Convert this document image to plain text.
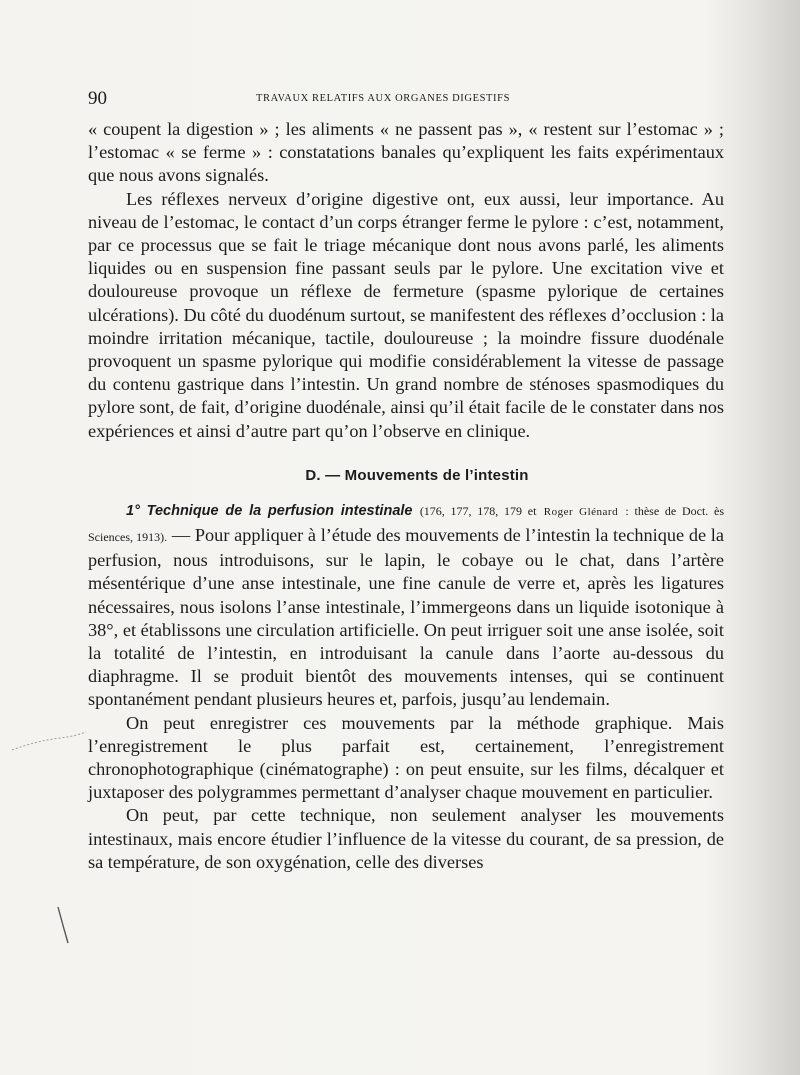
90	TRAVAUX RELATIFS AUX ORGANES DIGESTIFS

« coupent la digestion » ; les aliments « ne passent pas », « restent sur l’estomac » ; l’estomac « se ferme » : constatations banales qu’expliquent les faits expérimentaux que nous avons signalés.

Les réflexes nerveux d’origine digestive ont, eux aussi, leur importance. Au niveau de l’estomac, le contact d’un corps étranger ferme le pylore : c’est, notamment, par ce processus que se fait le triage mécanique dont nous avons parlé, les aliments liquides ou en suspension fine passant seuls par le pylore. Une excitation vive et douloureuse provoque un réflexe de fermeture (spasme pylorique de certaines ulcérations). Du côté du duodénum surtout, se manifestent des réflexes d’occlusion : la moindre irritation mécanique, tactile, douloureuse ; la moindre fissure duodénale provoquent un spasme pylorique qui modifie considérablement la vitesse de passage du contenu gastrique dans l’intestin. Un grand nombre de sténoses spasmodiques du pylore sont, de fait, d’origine duodénale, ainsi qu’il était facile de le constater dans nos expériences et ainsi d’autre part qu’on l’observe en clinique.

D. — Mouvements de l’intestin

1° Technique de la perfusion intestinale (176, 177, 178, 179 et Roger Glénard : thèse de Doct. ès Sciences, 1913). — Pour appliquer à l’étude des mouvements de l’intestin la technique de la perfusion, nous introduisons, sur le lapin, le cobaye ou le chat, dans l’artère mésentérique d’une anse intestinale, une fine canule de verre et, après les ligatures nécessaires, nous isolons l’anse intestinale, l’immergeons dans un liquide isotonique à 38°, et établissons une circulation artificielle. On peut irriguer soit une anse isolée, soit la totalité de l’intestin, en introduisant la canule dans l’aorte au-dessous du diaphragme. Il se produit bientôt des mouvements intenses, qui se continuent spontanément pendant plusieurs heures et, parfois, jusqu’au lendemain.

On peut enregistrer ces mouvements par la méthode graphique. Mais l’enregistrement le plus parfait est, certainement, l’enregistrement chronophotographique (cinématographe) : on peut ensuite, sur les films, décalquer et juxtaposer des polygrammes permettant d’analyser chaque mouvement en particulier.

On peut, par cette technique, non seulement analyser les mouvements intestinaux, mais encore étudier l’influence de la vitesse du courant, de sa pression, de sa température, de son oxygénation, celle des diverses
